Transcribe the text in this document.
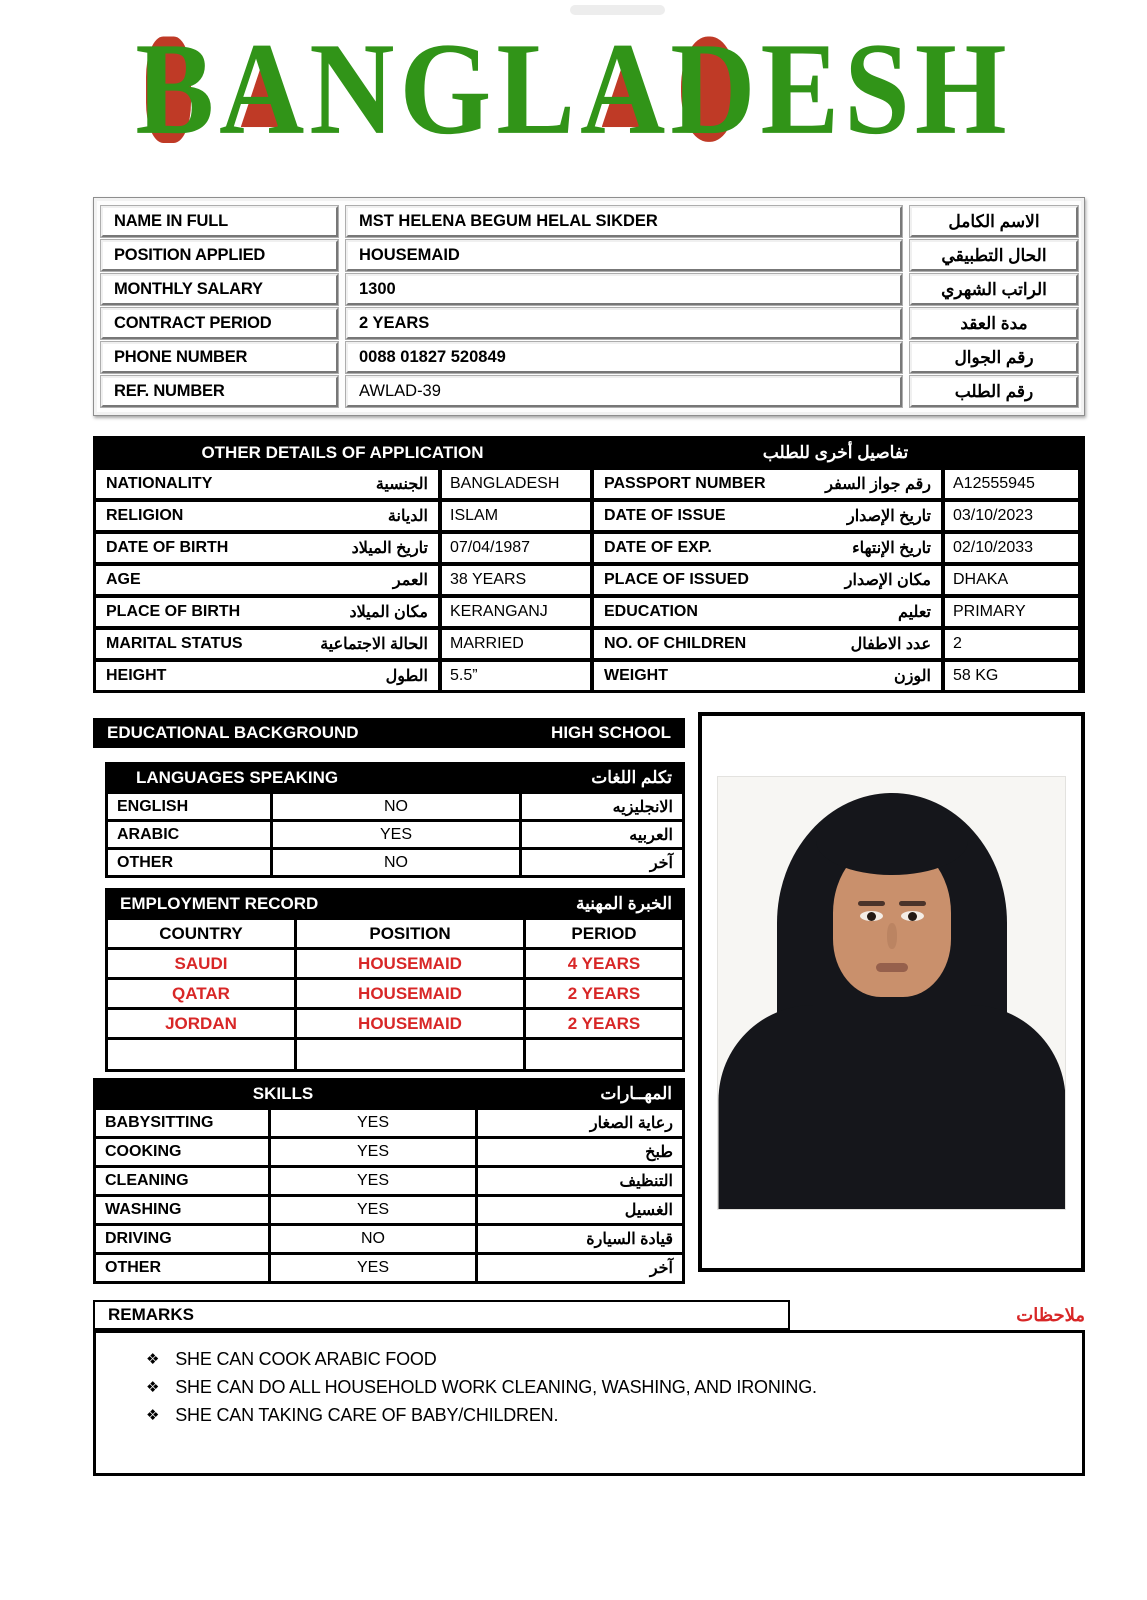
B
ANGL
A
DESH
NAME IN FULL	MST HELENA BEGUM HELAL SIKDER	الاسم الكامل
POSITION APPLIED	HOUSEMAID	الحال التطبيقي
MONTHLY SALARY	1300	الراتب الشهري
CONTRACT PERIOD	2 YEARS	مدة العقد
PHONE NUMBER	0088 01827 520849	رقم الجوال
REF. NUMBER	AWLAD-39	رقم الطلب
OTHER DETAILS OF APPLICATION	تفاصيل أخرى للطلب
NATIONALITY	الجنسية	BANGLADESH	PASSPORT NUMBER	رقم جواز السفر	A12555945
RELIGION	الديانة	ISLAM	DATE OF ISSUE	تاريخ الإصدار	03/10/2023
DATE OF BIRTH	تاريخ الميلاد	07/04/1987	DATE OF EXP.	تاريخ الإنتهاء	02/10/2033
AGE	العمر	38 YEARS	PLACE OF ISSUED	مكان الإصدار	DHAKA
PLACE OF BIRTH	مكان الميلاد	KERANGANJ	EDUCATION	تعليم	PRIMARY
MARITAL STATUS	الحالة الاجتماعية	MARRIED	NO. OF CHILDREN	عدد الاطفال	2
HEIGHT	الطول	5.5”	WEIGHT	الوزن	58 KG
EDUCATIONAL BACKGROUND	HIGH SCHOOL
LANGUAGES SPEAKING	تكلم اللغات
ENGLISH	NO	الانجليزيه
ARABIC	YES	العربيه
OTHER	NO	آخر
EMPLOYMENT RECORD	الخبرة المهنية
COUNTRY	POSITION	PERIOD
SAUDI	HOUSEMAID	4 YEARS
QATAR	HOUSEMAID	2 YEARS
JORDAN	HOUSEMAID	2 YEARS
SKILLS	المهــارات
BABYSITTING	YES	رعاية الصغار
COOKING	YES	طبخ
CLEANING	YES	التنظيف
WASHING	YES	الغسيل
DRIVING	NO	قيادة السيارة
OTHER	YES	آخر
REMARKS	ملاحظات
❖ SHE CAN COOK ARABIC FOOD
❖ SHE CAN DO ALL HOUSEHOLD WORK CLEANING, WASHING, AND IRONING.
❖ SHE CAN TAKING CARE OF BABY/CHILDREN.
